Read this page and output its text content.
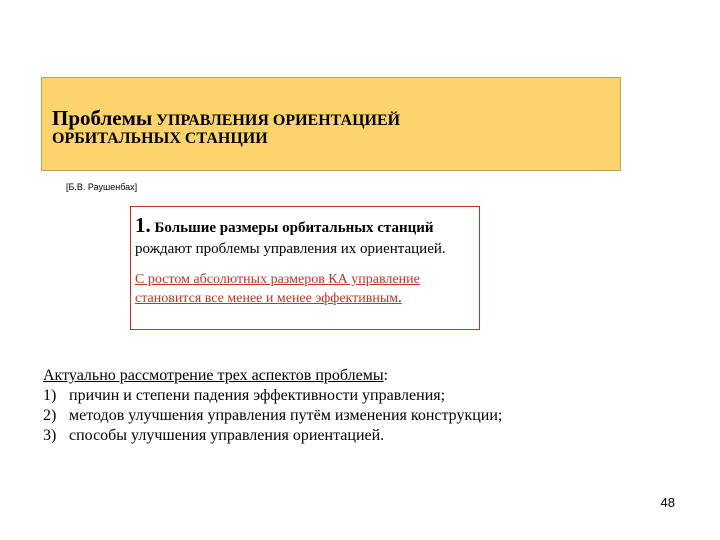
Проблемы УПРАВЛЕНИЯ ОРИЕНТАЦИЕЙ
ОРБИТАЛЬНЫХ СТАНЦИИ
[Б.В. Раушенбах]
1. Большие размеры орбитальных станций
рождают проблемы управления их ориентацией.
С ростом абсолютных размеров КА управление становится все менее и менее эффективным.
Актуально рассмотрение трех аспектов проблемы:
1) причин и степени падения эффективности управления;
2) методов улучшения управления путём изменения конструкции;
3) способы улучшения управления ориентацией.
48
